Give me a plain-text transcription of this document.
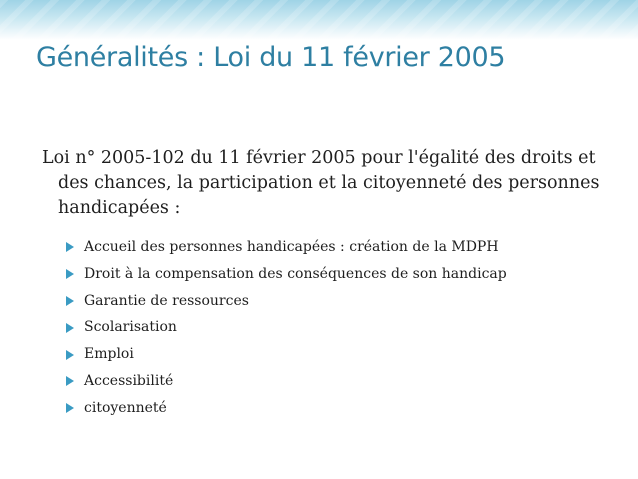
Généralités : Loi du 11 février 2005
Loi n° 2005-102 du 11 février 2005 pour l'égalité des droits et des chances, la participation et la citoyenneté des personnes handicapées :
Accueil des personnes handicapées : création de la MDPH
Droit à la compensation des conséquences de son handicap
Garantie de ressources
Scolarisation
Emploi
Accessibilité
citoyenneté
